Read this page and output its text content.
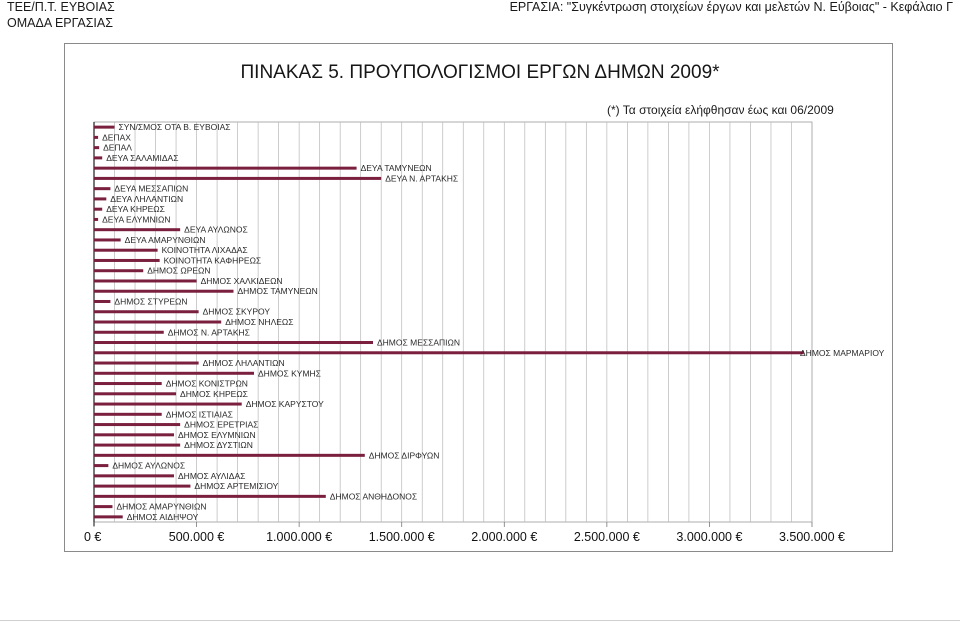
ΤΕΕ/Π.Τ. ΕΥΒΟΙΑΣ
ΟΜΑΔΑ ΕΡΓΑΣΙΑΣ
ΕΡΓΑΣΙΑ: "Συγκέντρωση στοιχείων έργων και μελετών Ν. Εύβοιας" - Κεφάλαιο Γ
ΠΙΝΑΚΑΣ 5. ΠΡΟΥΠΟΛΟΓΙΣΜΟΙ ΕΡΓΩΝ ΔΗΜΩΝ 2009*
(*) Τα στοιχεία ελήφθησαν έως και 06/2009
0 €	500.000 €	1.000.000 €	1.500.000 €	2.000.000 €	2.500.000 €	3.000.000 €	3.500.000 €
ΣΥΝ/ΣΜΟΣ ΟΤΑ Β. ΕΥΒΟΙΑΣ
ΔΕΠΑΧ
ΔΕΠΑΛ
ΔΕΥΑ ΣΑΛΑΜΙΔΑΣ
ΔΕΥΑ ΤΑΜΥΝΕΩΝ
ΔΕΥΑ Ν. ΑΡΤΑΚΗΣ
ΔΕΥΑ ΜΕΣΣΑΠΙΩΝ
ΔΕΥΑ ΛΗΛΑΝΤΙΩΝ
ΔΕΥΑ ΚΗΡΕΩΣ
ΔΕΥΑ ΕΛΥΜΝΙΩΝ
ΔΕΥΑ ΑΥΛΩΝΟΣ
ΔΕΥΑ ΑΜΑΡΥΝΘΙΩΝ
ΚΟΙΝΟΤΗΤΑ ΛΙΧΑΔΑΣ
ΚΟΙΝΟΤΗΤΑ ΚΑΦΗΡΕΩΣ
ΔΗΜΟΣ ΩΡΕΩΝ
ΔΗΜΟΣ ΧΑΛΚΙΔΕΩΝ
ΔΗΜΟΣ ΤΑΜΥΝΕΩΝ
ΔΗΜΟΣ ΣΤΥΡΕΩΝ
ΔΗΜΟΣ ΣΚΥΡΟΥ
ΔΗΜΟΣ ΝΗΛΕΩΣ
ΔΗΜΟΣ Ν. ΑΡΤΑΚΗΣ
ΔΗΜΟΣ ΜΕΣΣΑΠΙΩΝ
ΔΗΜΟΣ ΜΑΡΜΑΡΙΟΥ
ΔΗΜΟΣ ΛΗΛΑΝΤΙΩΝ
ΔΗΜΟΣ ΚΥΜΗΣ
ΔΗΜΟΣ ΚΟΝΙΣΤΡΩΝ
ΔΗΜΟΣ ΚΗΡΕΩΣ
ΔΗΜΟΣ ΚΑΡΥΣΤΟΥ
ΔΗΜΟΣ ΙΣΤΙΑΙΑΣ
ΔΗΜΟΣ ΕΡΕΤΡΙΑΣ
ΔΗΜΟΣ ΕΛΥΜΝΙΩΝ
ΔΗΜΟΣ ΔΥΣΤΙΩΝ
ΔΗΜΟΣ ΔΙΡΦΥΩΝ
ΔΗΜΟΣ ΑΥΛΩΝΟΣ
ΔΗΜΟΣ ΑΥΛΙΔΑΣ
ΔΗΜΟΣ ΑΡΤΕΜΙΣΙΟΥ
ΔΗΜΟΣ ΑΝΘΗΔΟΝΟΣ
ΔΗΜΟΣ ΑΜΑΡΥΝΘΙΩΝ
ΔΗΜΟΣ ΑΙΔΗΨΟΥ
